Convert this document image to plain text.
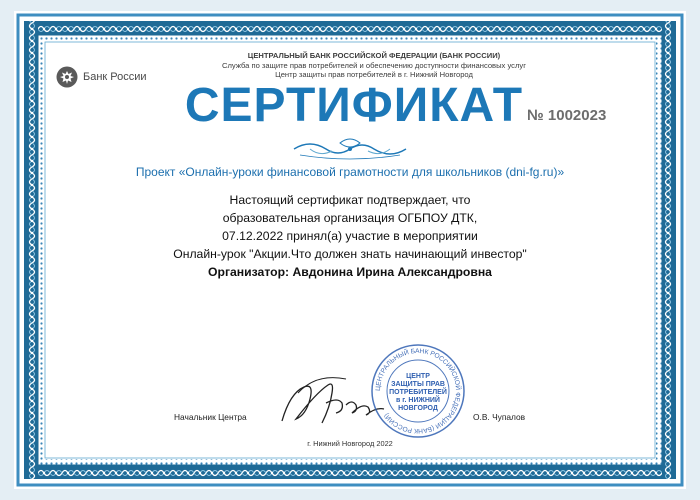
ЦЕНТРАЛЬНЫЙ БАНК РОССИЙСКОЙ ФЕДЕРАЦИИ (БАНК РОССИИ)
Служба по защите прав потребителей и обеспечению доступности финансовых услуг
Центр защиты прав потребителей в г. Нижний Новгород
Банк России
СЕРТИФИКАТ № 1002023
Проект «Онлайн-уроки финансовой грамотности для школьников (dni-fg.ru)»
Настоящий сертификат подтверждает, что
образовательная организация ОГБПОУ ДТК,
07.12.2022 принял(а) участие в мероприятии
Онлайн-урок "Акции.Что должен знать начинающий инвестор"
Организатор: Авдонина Ирина Александровна
Начальник Центра	О.В. Чупалов
ЦЕНТРАЛЬНЫЙ БАНК РОССИЙСКОЙ ФЕДЕРАЦИИ (БАНК РОССИИ)
ЦЕНТР
ЗАЩИТЫ ПРАВ
ПОТРЕБИТЕЛЕЙ
в г. НИЖНИЙ
НОВГОРОД
г. Нижний Новгород 2022
